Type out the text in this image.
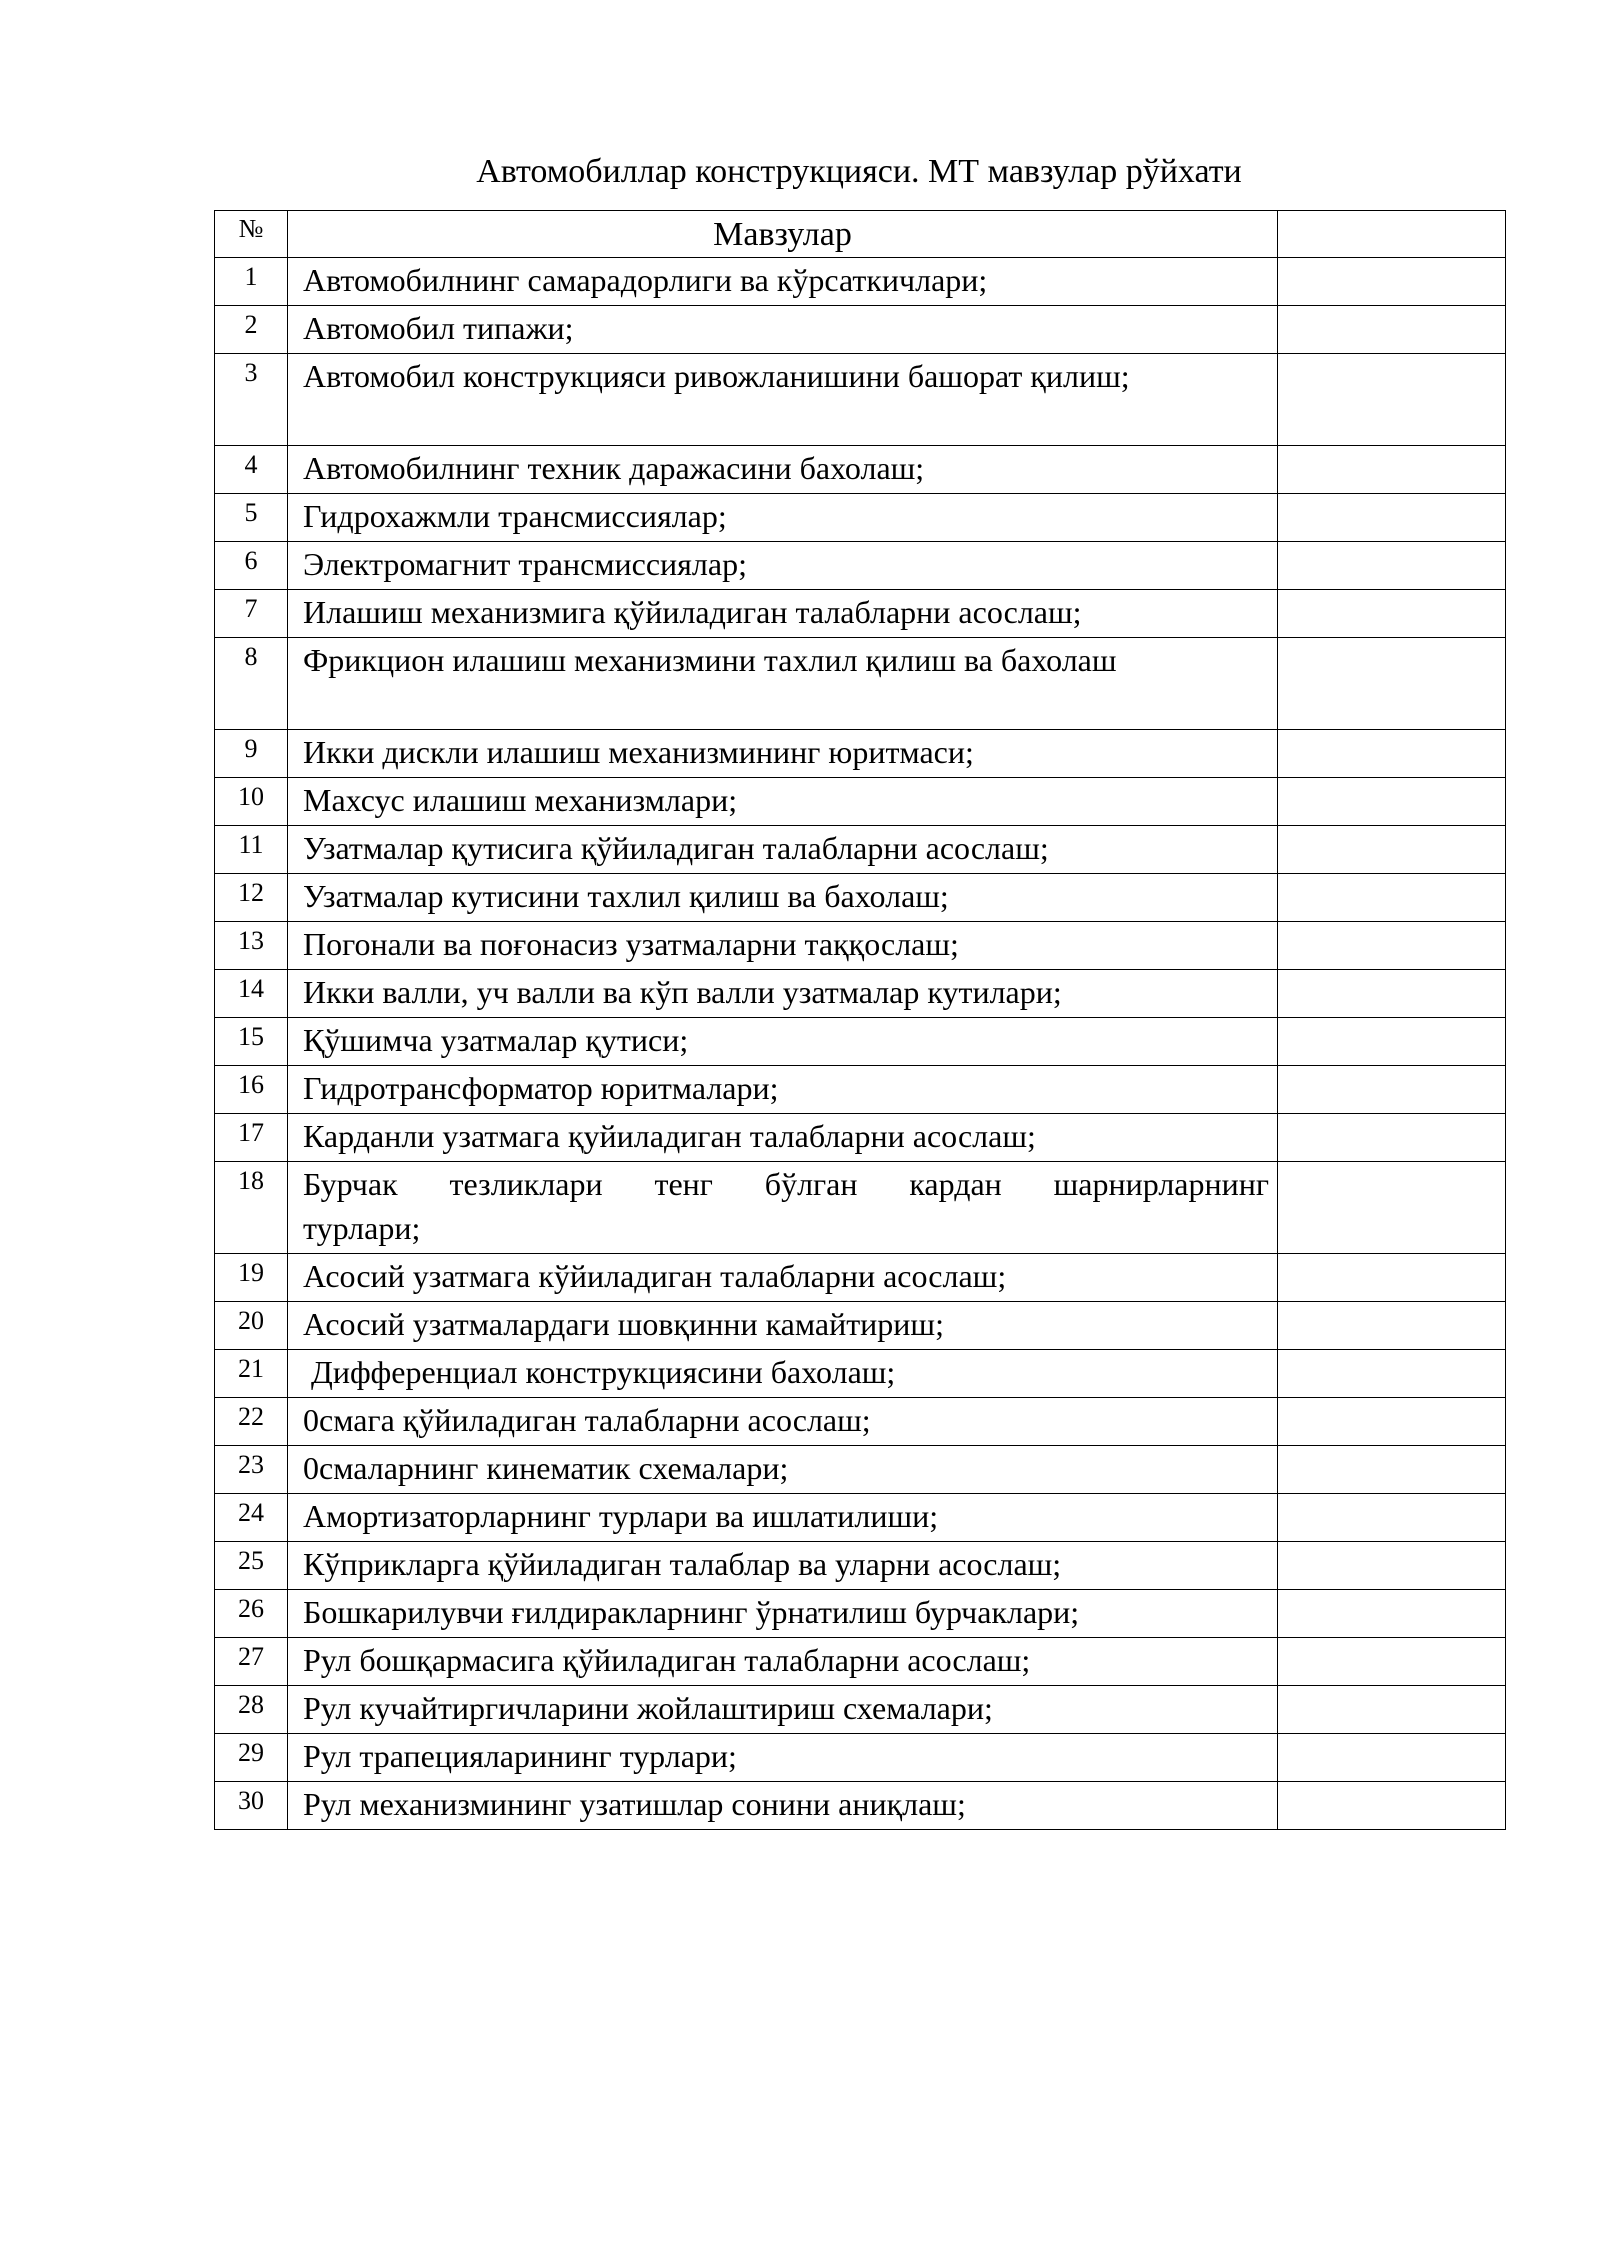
Автомобиллар конструкцияси. МТ мавзулар рўйхати
№	Мавзулар	
1	Автомобилнинг самарадорлиги ва кўрсаткичлари;	
2	Автомобил типажи;	
3	Автомобил конструкцияси ривожланишини башорат қилиш;	
4	Автомобилнинг техник даражасини бахолаш;	
5	Гидрохажмли трансмиссиялар;	
6	Электромагнит трансмиссиялар;	
7	Илашиш механизмига қўйиладиган талабларни асослаш;	
8	Фрикцион илашиш механизмини тахлил қилиш ва бахолаш	
9	Икки дискли илашиш механизмининг юритмаси;	
10	Махсус илашиш механизмлари;	
11	Узатмалар қутисига қўйиладиган талабларни асослаш;	
12	Узатмалар кутисини тахлил қилиш ва бахолаш;	
13	Погонали ва поғонасиз узатмаларни таққослаш;	
14	Икки валли, уч валли ва кўп валли узатмалар кутилари;	
15	Қўшимча узатмалар қутиси;	
16	Гидротрансформатор юритмалари;	
17	Карданли узатмага қуйиладиган талабларни асослаш;	
18	Бурчак тезликлари тенг бўлган кардан шарнирларнинг турлари;	
19	Асосий узатмага кўйиладиган талабларни асослаш;	
20	Асосий узатмалардаги шовқинни камайтириш;	
21	Дифференциал конструкциясини бахолаш;	
22	0смага қўйиладиган талабларни асослаш;	
23	0смаларнинг кинематик схемалари;	
24	Амортизаторларнинг турлари ва ишлатилиши;	
25	Кўприкларга қўйиладиган талаблар ва уларни асослаш;	
26	Бошкарилувчи ғилдиракларнинг ўрнатилиш бурчаклари;	
27	Рул бошқармасига қўйиладиган талабларни асослаш;	
28	Рул кучайтиргичларини жойлаштириш схемалари;	
29	Рул трапецияларининг турлари;	
30	Рул механизмининг узатишлар сонини аниқлаш;	
